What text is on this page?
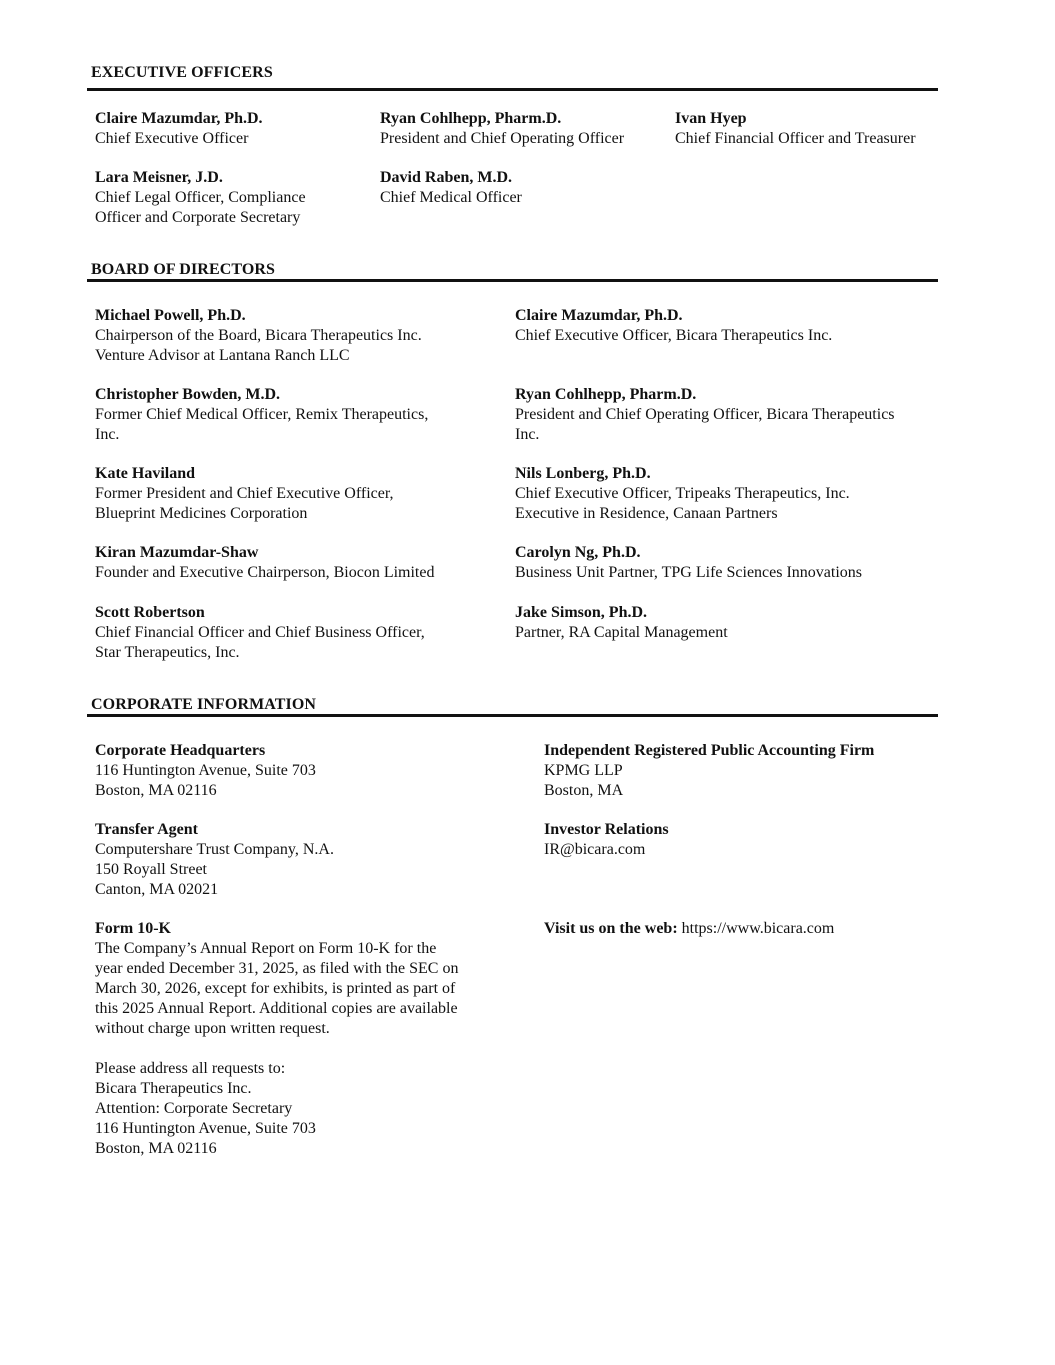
EXECUTIVE OFFICERS
Claire Mazumdar, Ph.D.
Chief Executive Officer
Ryan Cohlhepp, Pharm.D.
President and Chief Operating Officer
Ivan Hyep
Chief Financial Officer and Treasurer
Lara Meisner, J.D.
Chief Legal Officer, Compliance
Officer and Corporate Secretary
David Raben, M.D.
Chief Medical Officer
BOARD OF DIRECTORS
Michael Powell, Ph.D.
Chairperson of the Board, Bicara Therapeutics Inc.
Venture Advisor at Lantana Ranch LLC
Claire Mazumdar, Ph.D.
Chief Executive Officer, Bicara Therapeutics Inc.
Christopher Bowden, M.D.
Former Chief Medical Officer, Remix Therapeutics,
Inc.
Ryan Cohlhepp, Pharm.D.
President and Chief Operating Officer, Bicara Therapeutics
Inc.
Kate Haviland
Former President and Chief Executive Officer,
Blueprint Medicines Corporation
Nils Lonberg, Ph.D.
Chief Executive Officer, Tripeaks Therapeutics, Inc.
Executive in Residence, Canaan Partners
Kiran Mazumdar-Shaw
Founder and Executive Chairperson, Biocon Limited
Carolyn Ng, Ph.D.
Business Unit Partner, TPG Life Sciences Innovations
Scott Robertson
Chief Financial Officer and Chief Business Officer,
Star Therapeutics, Inc.
Jake Simson, Ph.D.
Partner, RA Capital Management
CORPORATE INFORMATION
Corporate Headquarters
116 Huntington Avenue, Suite 703
Boston, MA 02116
Independent Registered Public Accounting Firm
KPMG LLP
Boston, MA
Transfer Agent
Computershare Trust Company, N.A.
150 Royall Street
Canton, MA 02021
Investor Relations
IR@bicara.com
Form 10-K
The Company’s Annual Report on Form 10-K for the
year ended December 31, 2025, as filed with the SEC on
March 30, 2026, except for exhibits, is printed as part of
this 2025 Annual Report. Additional copies are available
without charge upon written request.
Please address all requests to:
Bicara Therapeutics Inc.
Attention: Corporate Secretary
116 Huntington Avenue, Suite 703
Boston, MA 02116
Visit us on the web: https://www.bicara.com
